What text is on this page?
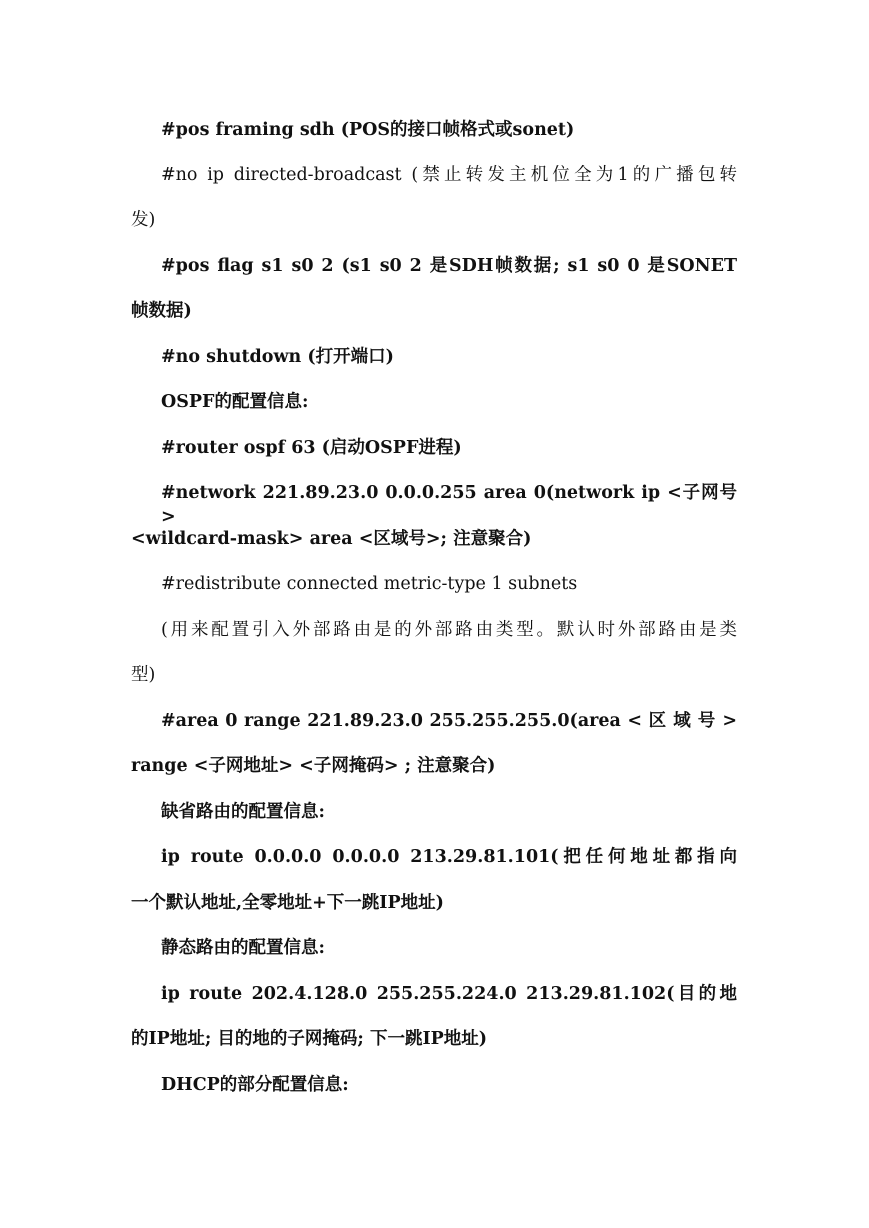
#pos framing sdh (POS的接口帧格式或sonet)
#no ip directed-broadcast (禁止转发主机位全为1的广播包转
发)
#pos flag s1 s0 2 (s1 s0 2 是SDH帧数据; s1 s0 0 是SONET
帧数据)
#no shutdown (打开端口)
OSPF的配置信息:
#router ospf 63 (启动OSPF进程)
#network 221.89.23.0 0.0.0.255 area 0(network ip <子网号>
<wildcard-mask> area <区域号>; 注意聚合)
#redistribute connected metric-type 1 subnets
(用来配置引入外部路由是的外部路由类型。默认时外部路由是类
型)
#area 0 range 221.89.23.0 255.255.255.0(area < 区 域 号 >
range <子网地址> <子网掩码> ; 注意聚合)
缺省路由的配置信息:
ip route 0.0.0.0 0.0.0.0 213.29.81.101(把任何地址都指向
一个默认地址,全零地址+下一跳IP地址)
静态路由的配置信息:
ip route 202.4.128.0 255.255.224.0 213.29.81.102(目的地
的IP地址; 目的地的子网掩码; 下一跳IP地址)
DHCP的部分配置信息:
